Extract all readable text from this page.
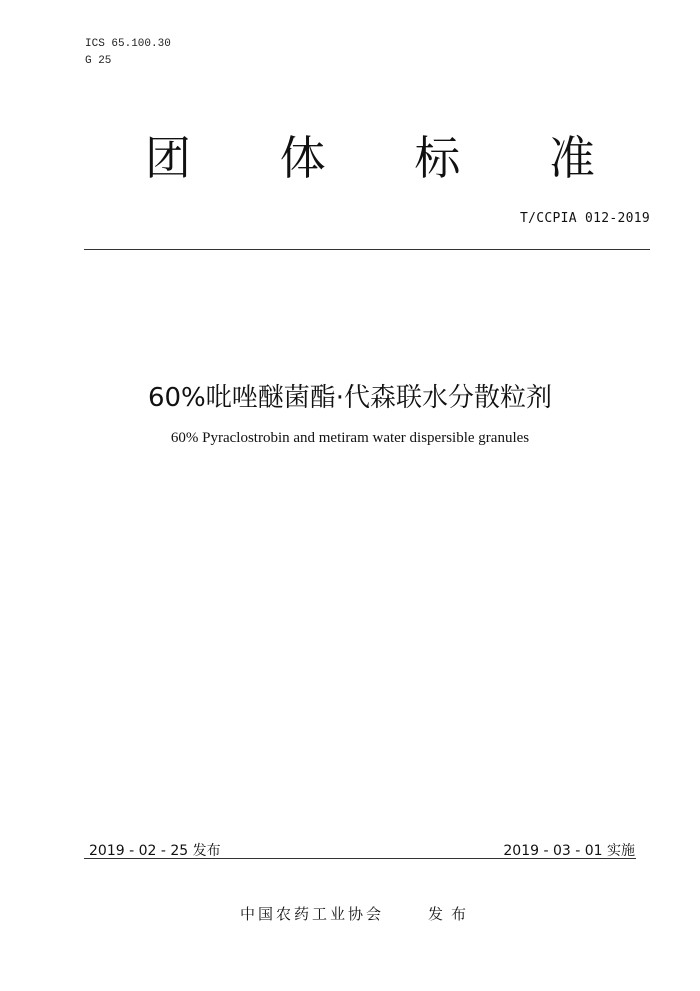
ICS 65.100.30
G 25
团 体 标 准
T/CCPIA 012-2019
60%吡唑醚菌酯·代森联水分散粒剂
60% Pyraclostrobin and metiram water dispersible granules
2019 - 02 - 25 发布	2019 - 03 - 01 实施
中国农药工业协会	发布
